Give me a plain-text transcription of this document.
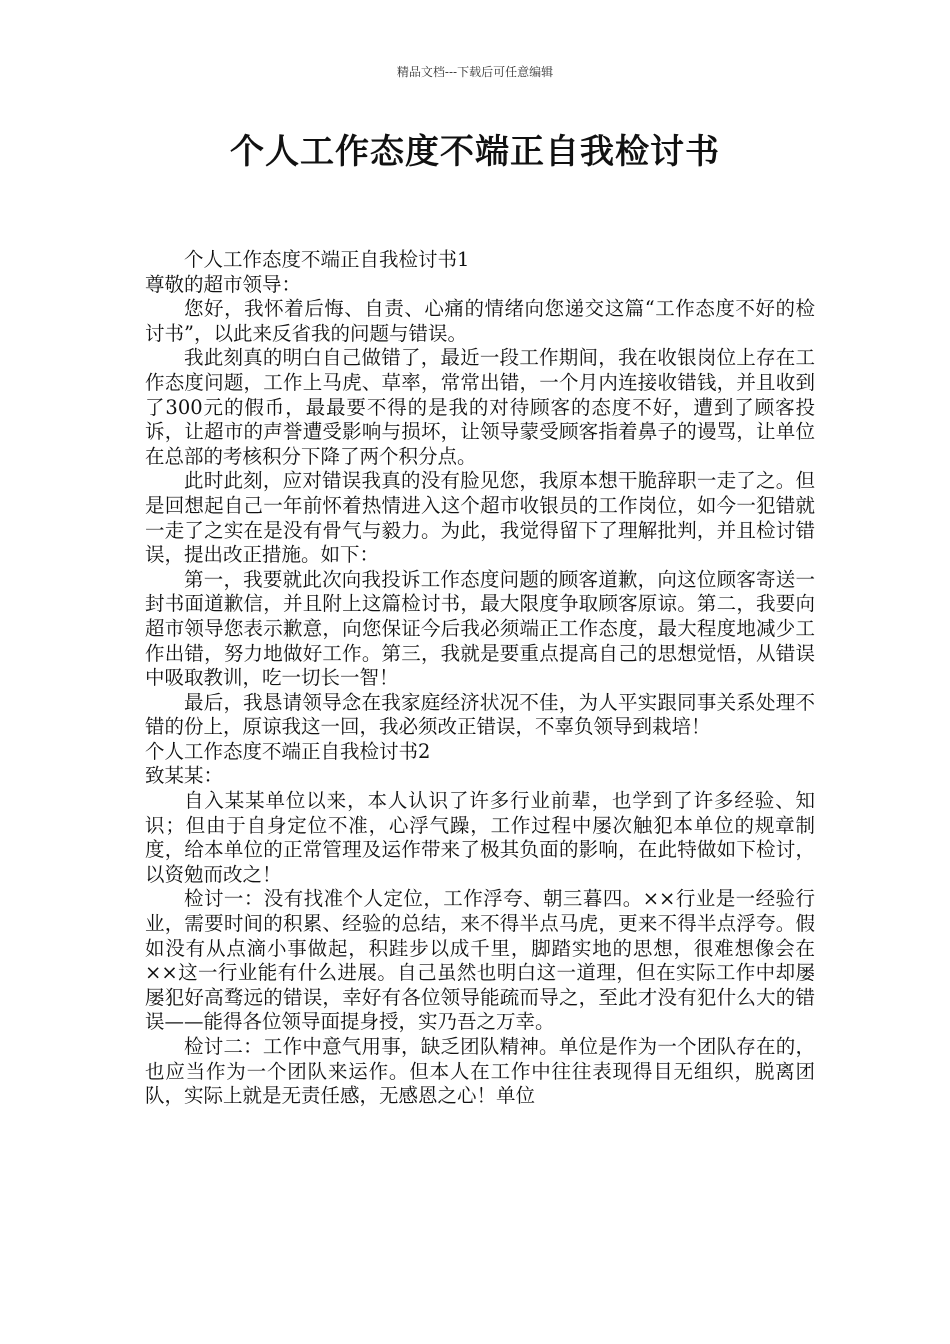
精品文档---下载后可任意编辑
个人工作态度不端正自我检讨书

个人工作态度不端正自我检讨书1

尊敬的超市领导：

您好，我怀着后悔、自责、心痛的情绪向您递交这篇“工作态度不好的检讨书”，以此来反省我的问题与错误。

我此刻真的明白自己做错了，最近一段工作期间，我在收银岗位上存在工作态度问题，工作上马虎、草率，常常出错，一个月内连接收错钱，并且收到了300元的假币，最最要不得的是我的对待顾客的态度不好，遭到了顾客投诉，让超市的声誉遭受影响与损坏，让领导蒙受顾客指着鼻子的谩骂，让单位在总部的考核积分下降了两个积分点。

此时此刻，应对错误我真的没有脸见您，我原本想干脆辞职一走了之。但是回想起自己一年前怀着热情进入这个超市收银员的工作岗位，如今一犯错就一走了之实在是没有骨气与毅力。为此，我觉得留下了理解批判，并且检讨错误，提出改正措施。如下：

第一，我要就此次向我投诉工作态度问题的顾客道歉，向这位顾客寄送一封书面道歉信，并且附上这篇检讨书，最大限度争取顾客原谅。第二，我要向超市领导您表示歉意，向您保证今后我必须端正工作态度，最大程度地减少工作出错，努力地做好工作。第三，我就是要重点提高自己的思想觉悟，从错误中吸取教训，吃一切长一智！

最后，我恳请领导念在我家庭经济状况不佳，为人平实跟同事关系处理不错的份上，原谅我这一回，我必须改正错误，不辜负领导到栽培！

个人工作态度不端正自我检讨书2

致某某：

自入某某单位以来，本人认识了许多行业前辈，也学到了许多经验、知识；但由于自身定位不准，心浮气躁，工作过程中屡次触犯本单位的规章制度，给本单位的正常管理及运作带来了极其负面的影响，在此特做如下检讨，以资勉而改之！

检讨一：没有找准个人定位，工作浮夸、朝三暮四。××行业是一经验行业，需要时间的积累、经验的总结，来不得半点马虎，更来不得半点浮夸。假如没有从点滴小事做起，积跬步以成千里，脚踏实地的思想，很难想像会在××这一行业能有什么进展。自己虽然也明白这一道理，但在实际工作中却屡屡犯好高骛远的错误，幸好有各位领导能疏而导之，至此才没有犯什么大的错误——能得各位领导面提身授，实乃吾之万幸。

检讨二：工作中意气用事，缺乏团队精神。单位是作为一个团队存在的，也应当作为一个团队来运作。但本人在工作中往往表现得目无组织，脱离团队，实际上就是无责任感，无感恩之心！单位
